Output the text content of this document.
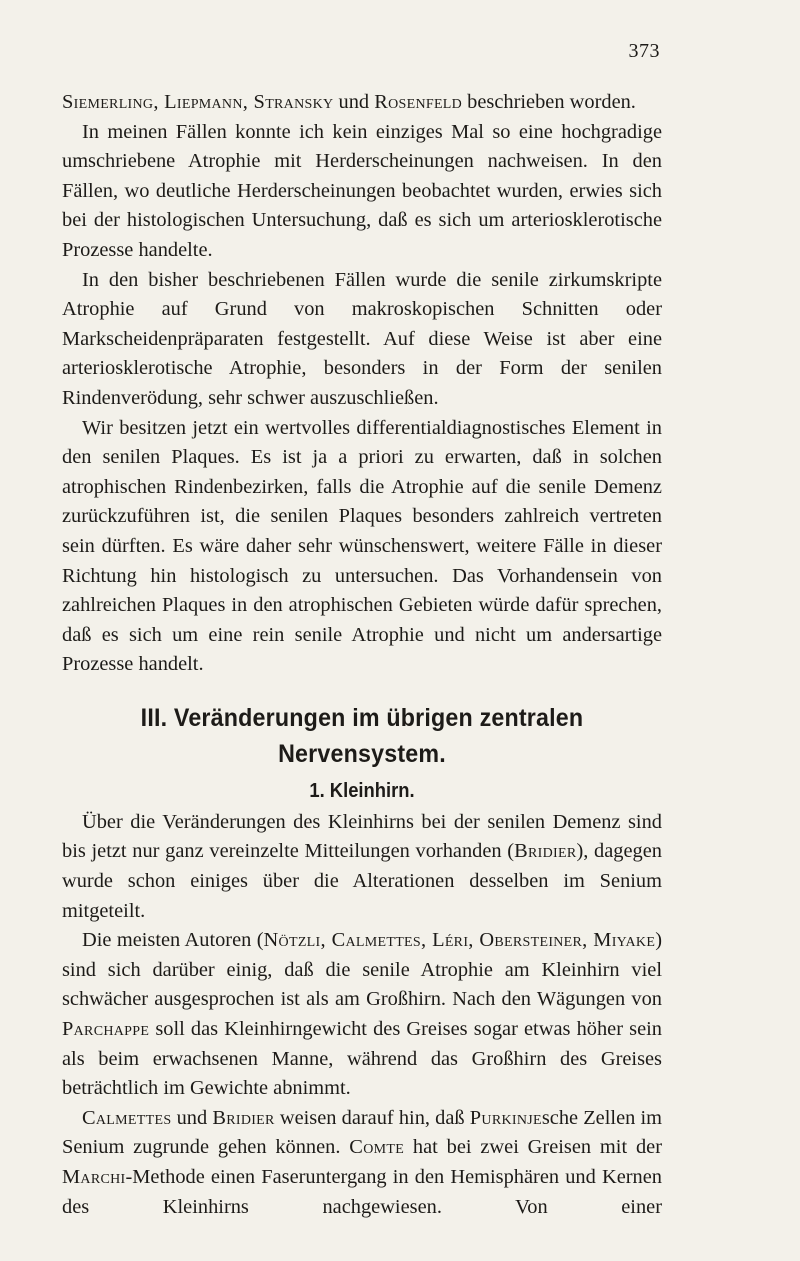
373

Siemerling, Liepmann, Stransky und Rosenfeld beschrieben worden.

In meinen Fällen konnte ich kein einziges Mal so eine hochgradige umschriebene Atrophie mit Herderscheinungen nachweisen. In den Fällen, wo deutliche Herderscheinungen beobachtet wurden, erwies sich bei der histologischen Untersuchung, daß es sich um arteriosklerotische Prozesse handelte.

In den bisher beschriebenen Fällen wurde die senile zirkumskripte Atrophie auf Grund von makroskopischen Schnitten oder Markscheidenpräparaten festgestellt. Auf diese Weise ist aber eine arteriosklerotische Atrophie, besonders in der Form der senilen Rindenverödung, sehr schwer auszuschließen.

Wir besitzen jetzt ein wertvolles differentialdiagnostisches Element in den senilen Plaques. Es ist ja a priori zu erwarten, daß in solchen atrophischen Rindenbezirken, falls die Atrophie auf die senile Demenz zurückzuführen ist, die senilen Plaques besonders zahlreich vertreten sein dürften. Es wäre daher sehr wünschenswert, weitere Fälle in dieser Richtung hin histologisch zu untersuchen. Das Vorhandensein von zahlreichen Plaques in den atrophischen Gebieten würde dafür sprechen, daß es sich um eine rein senile Atrophie und nicht um andersartige Prozesse handelt.

III. Veränderungen im übrigen zentralen Nervensystem.
1. Kleinhirn.

Über die Veränderungen des Kleinhirns bei der senilen Demenz sind bis jetzt nur ganz vereinzelte Mitteilungen vorhanden (Bridier), dagegen wurde schon einiges über die Alterationen desselben im Senium mitgeteilt.

Die meisten Autoren (Nötzli, Calmettes, Léri, Obersteiner, Miyake) sind sich darüber einig, daß die senile Atrophie am Kleinhirn viel schwächer ausgesprochen ist als am Großhirn. Nach den Wägungen von Parchappe soll das Kleinhirngewicht des Greises sogar etwas höher sein als beim erwachsenen Manne, während das Großhirn des Greises beträchtlich im Gewichte abnimmt.

Calmettes und Bridier weisen darauf hin, daß Purkinjesche Zellen im Senium zugrunde gehen können. Comte hat bei zwei Greisen mit der Marchi-Methode einen Faseruntergang in den Hemisphären und Kernen des Kleinhirns nachgewiesen. Von einer
